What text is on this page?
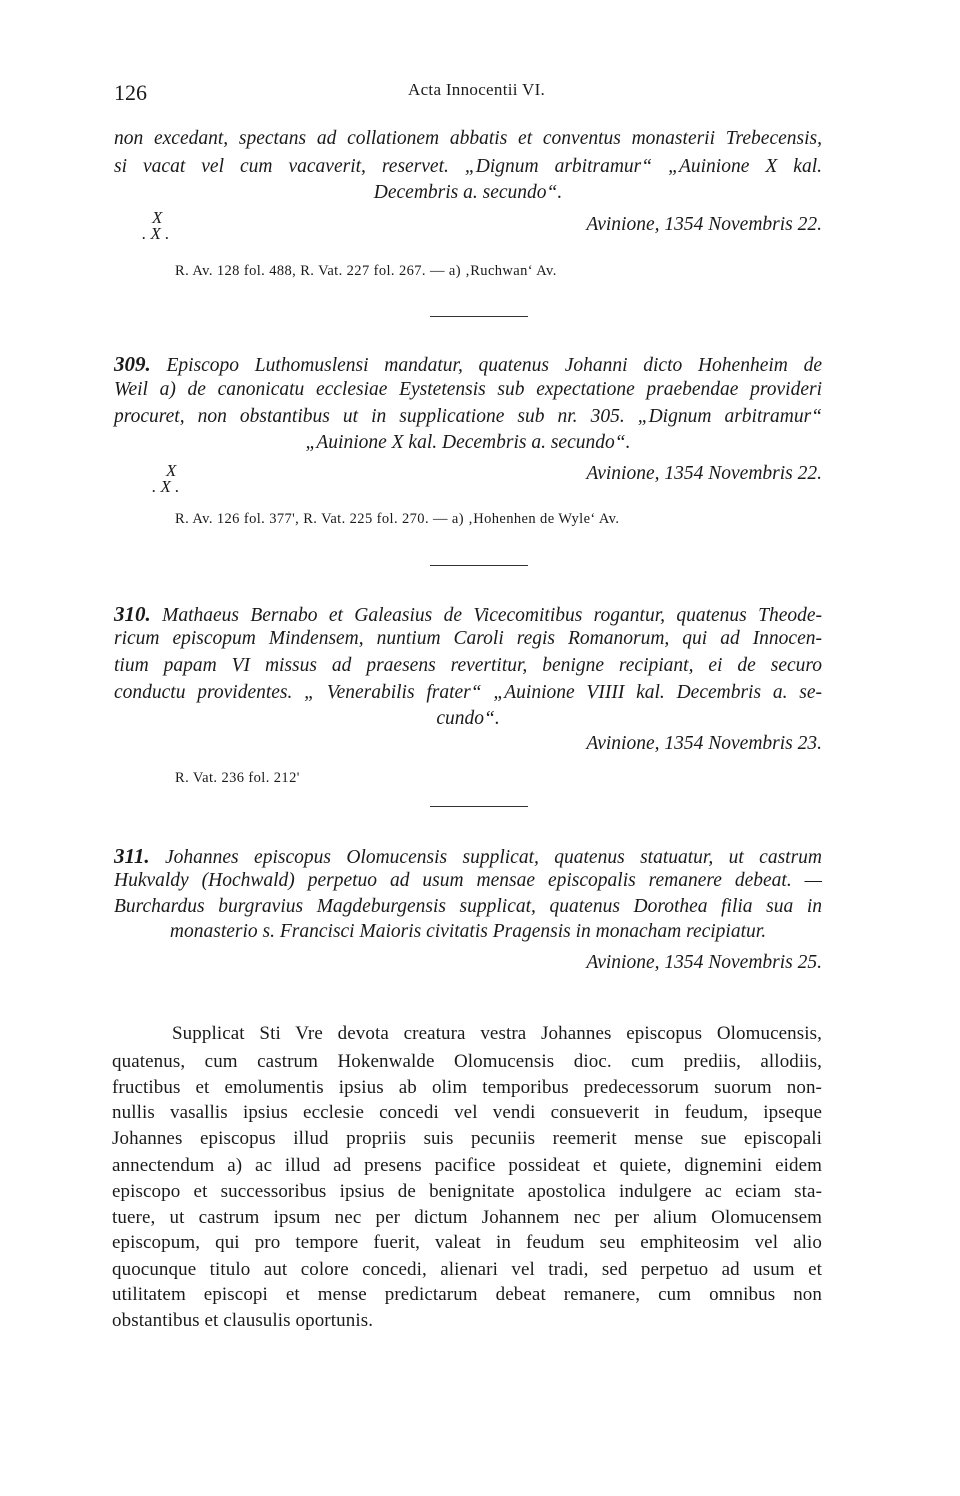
126	Acta Innocentii VI.
non excedant, spectans ad collationem abbatis et conventus monasterii Trebecensis,
si vacat vel cum vacaverit, reservet. „Dignum arbitramur“ „Auinione X kal.
Decembris a. secundo“.
X
. X .	Avinione, 1354 Novembris 22.
R. Av. 128 fol. 488, R. Vat. 227 fol. 267. — a) ‚Ruchwan‘ Av.
309. Episcopo Luthomuslensi mandatur, quatenus Johanni dicto Hohenheim de
Weil a) de canonicatu ecclesiae Eystetensis sub expectatione praebendae provideri
procuret, non obstantibus ut in supplicatione sub nr. 305. „Dignum arbitramur“
„Auinione X kal. Decembris a. secundo“.
X
. X .
Avinione, 1354 Novembris 22.
R. Av. 126 fol. 377', R. Vat. 225 fol. 270. — a) ‚Hohenhen de Wyle‘ Av.
310. Mathaeus Bernabo et Galeasius de Vicecomitibus rogantur, quatenus Theode-
ricum episcopum Mindensem, nuntium Caroli regis Romanorum, qui ad Innocen-
tium papam VI missus ad praesens revertitur, benigne recipiant, ei de securo
conductu providentes. „ Venerabilis frater“ „Auinione VIIII kal. Decembris a. se-
cundo“.
Avinione, 1354 Novembris 23.
R. Vat. 236 fol. 212'
311. Johannes episcopus Olomucensis supplicat, quatenus statuatur, ut castrum
Hukvaldy (Hochwald) perpetuo ad usum mensae episcopalis remanere debeat. —
Burchardus burgravius Magdeburgensis supplicat, quatenus Dorothea filia sua in
monasterio s. Francisci Maioris civitatis Pragensis in monacham recipiatur.
Avinione, 1354 Novembris 25.
Supplicat Sti Vre devota creatura vestra Johannes episcopus Olomucensis,
quatenus, cum castrum Hokenwalde Olomucensis dioc. cum prediis, allodiis,
fructibus et emolumentis ipsius ab olim temporibus predecessorum suorum non-
nullis vasallis ipsius ecclesie concedi vel vendi consueverit in feudum, ipseque
Johannes episcopus illud propriis suis pecuniis reemerit mense sue episcopali
annectendum a) ac illud ad presens pacifice possideat et quiete, dignemini eidem
episcopo et successoribus ipsius de benignitate apostolica indulgere ac eciam sta-
tuere, ut castrum ipsum nec per dictum Johannem nec per alium Olomucensem
episcopum, qui pro tempore fuerit, valeat in feudum seu emphiteosim vel alio
quocunque titulo aut colore concedi, alienari vel tradi, sed perpetuo ad usum et
utilitatem episcopi et mense predictarum debeat remanere, cum omnibus non
obstantibus et clausulis oportunis.
